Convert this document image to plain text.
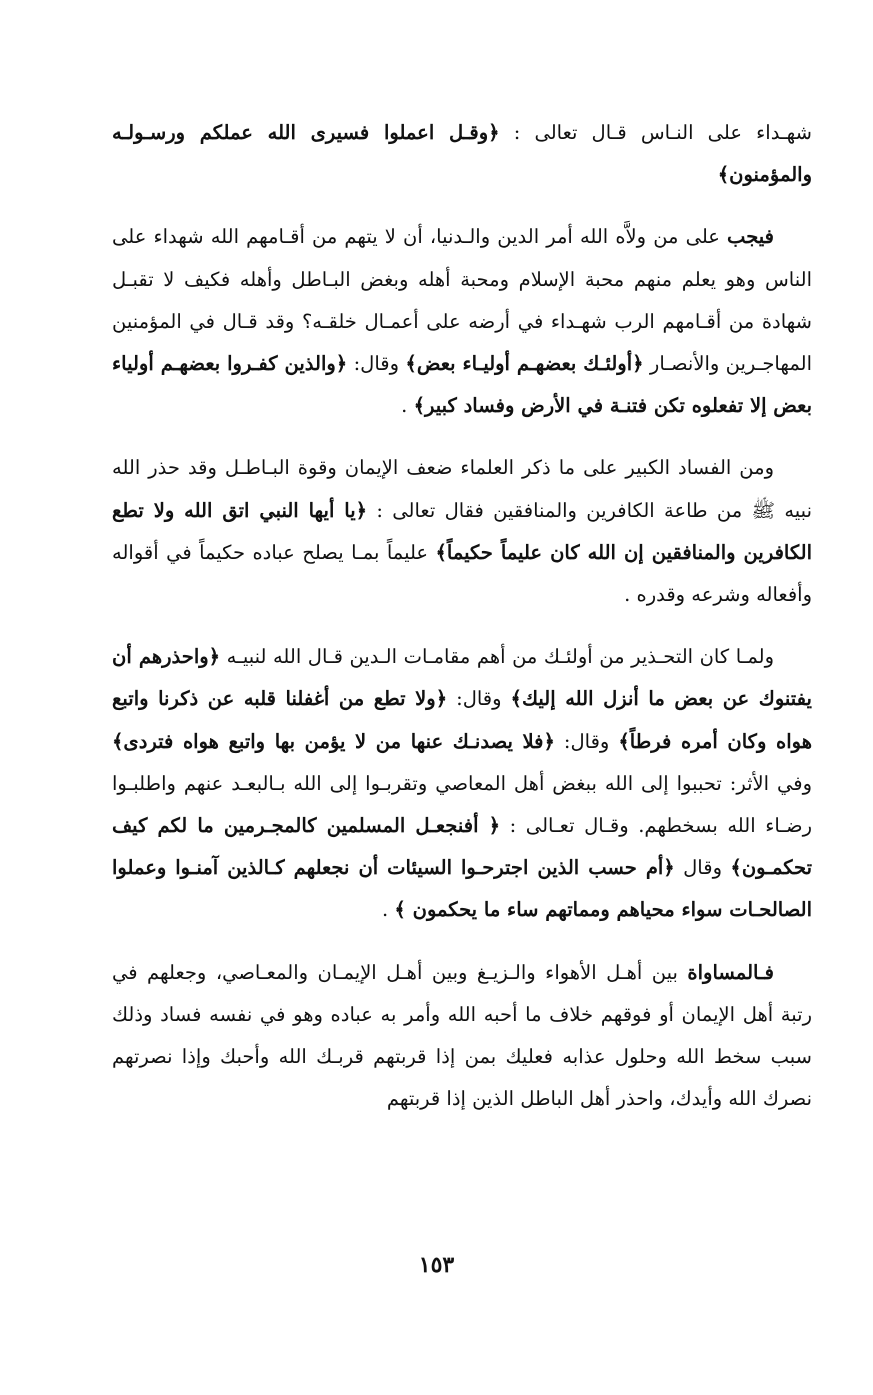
شهـداء على النـاس قـال تعالى : ﴿وقـل اعملوا فسيرى الله عملكم ورسـولـه والمؤمنون﴾

فيجب على من ولاَّه الله أمر الدين والـدنيا، أن لا يتهم من أقـامهم الله شهداء على الناس وهو يعلم منهم محبة الإسلام ومحبة أهله وبغض البـاطل وأهله فكيف لا تقبـل شهادة من أقـامهم الرب شهـداء في أرضه على أعمـال خلقـه؟ وقد قـال في المؤمنين المهاجـرين والأنصـار ﴿أولئـك بعضهـم أوليـاء بعض﴾ وقال: ﴿والذين كفـروا بعضهـم أولياء بعض إلا تفعلوه تكن فتنـة في الأرض وفساد كبير﴾ .

ومن الفساد الكبير على ما ذكر العلماء ضعف الإيمان وقوة البـاطـل وقد حذر الله نبيه ﷺ من طاعة الكافرين والمنافقين فقال تعالى : ﴿يا أيها النبي اتق الله ولا تطع الكافرين والمنافقين إن الله كان عليماً حكيماً﴾ عليماً بمـا يصلح عباده حكيماً في أقواله وأفعاله وشرعه وقدره .

ولمـا كان التحـذير من أولئـك من أهم مقامـات الـدين قـال الله لنبيـه ﴿واحذرهم أن يفتنوك عن بعض ما أنزل الله إليك﴾ وقال: ﴿ولا تطع من أغفلنا قلبه عن ذكرنا واتبع هواه وكان أمره فرطاً﴾ وقال: ﴿فلا يصدنـك عنها من لا يؤمن بها واتبع هواه فتردى﴾ وفي الأثر: تحببوا إلى الله ببغض أهل المعاصي وتقربـوا إلى الله بـالبعـد عنهم واطلبـوا رضـاء الله بسخطهم. وقـال تعـالى : ﴿ أفنجعـل المسلمين كالمجـرمين ما لكم كيف تحكمـون﴾ وقال ﴿أم حسب الذين اجترحـوا السيئات أن نجعلهم كـالذين آمنـوا وعملوا الصالحـات سواء محياهم ومماتهم ساء ما يحكمون ﴾ .

فـالمساواة بين أهـل الأهواء والـزيـغ وبين أهـل الإيمـان والمعـاصي، وجعلهم في رتبة أهل الإيمان أو فوقهم خلاف ما أحبه الله وأمر به عباده وهو في نفسه فساد وذلك سبب سخط الله وحلول عذابه فعليك بمن إذا قربتهم قربـك الله وأحبك وإذا نصرتهم نصرك الله وأيدك، واحذر أهل الباطل الذين إذا قربتهم

١٥٣
